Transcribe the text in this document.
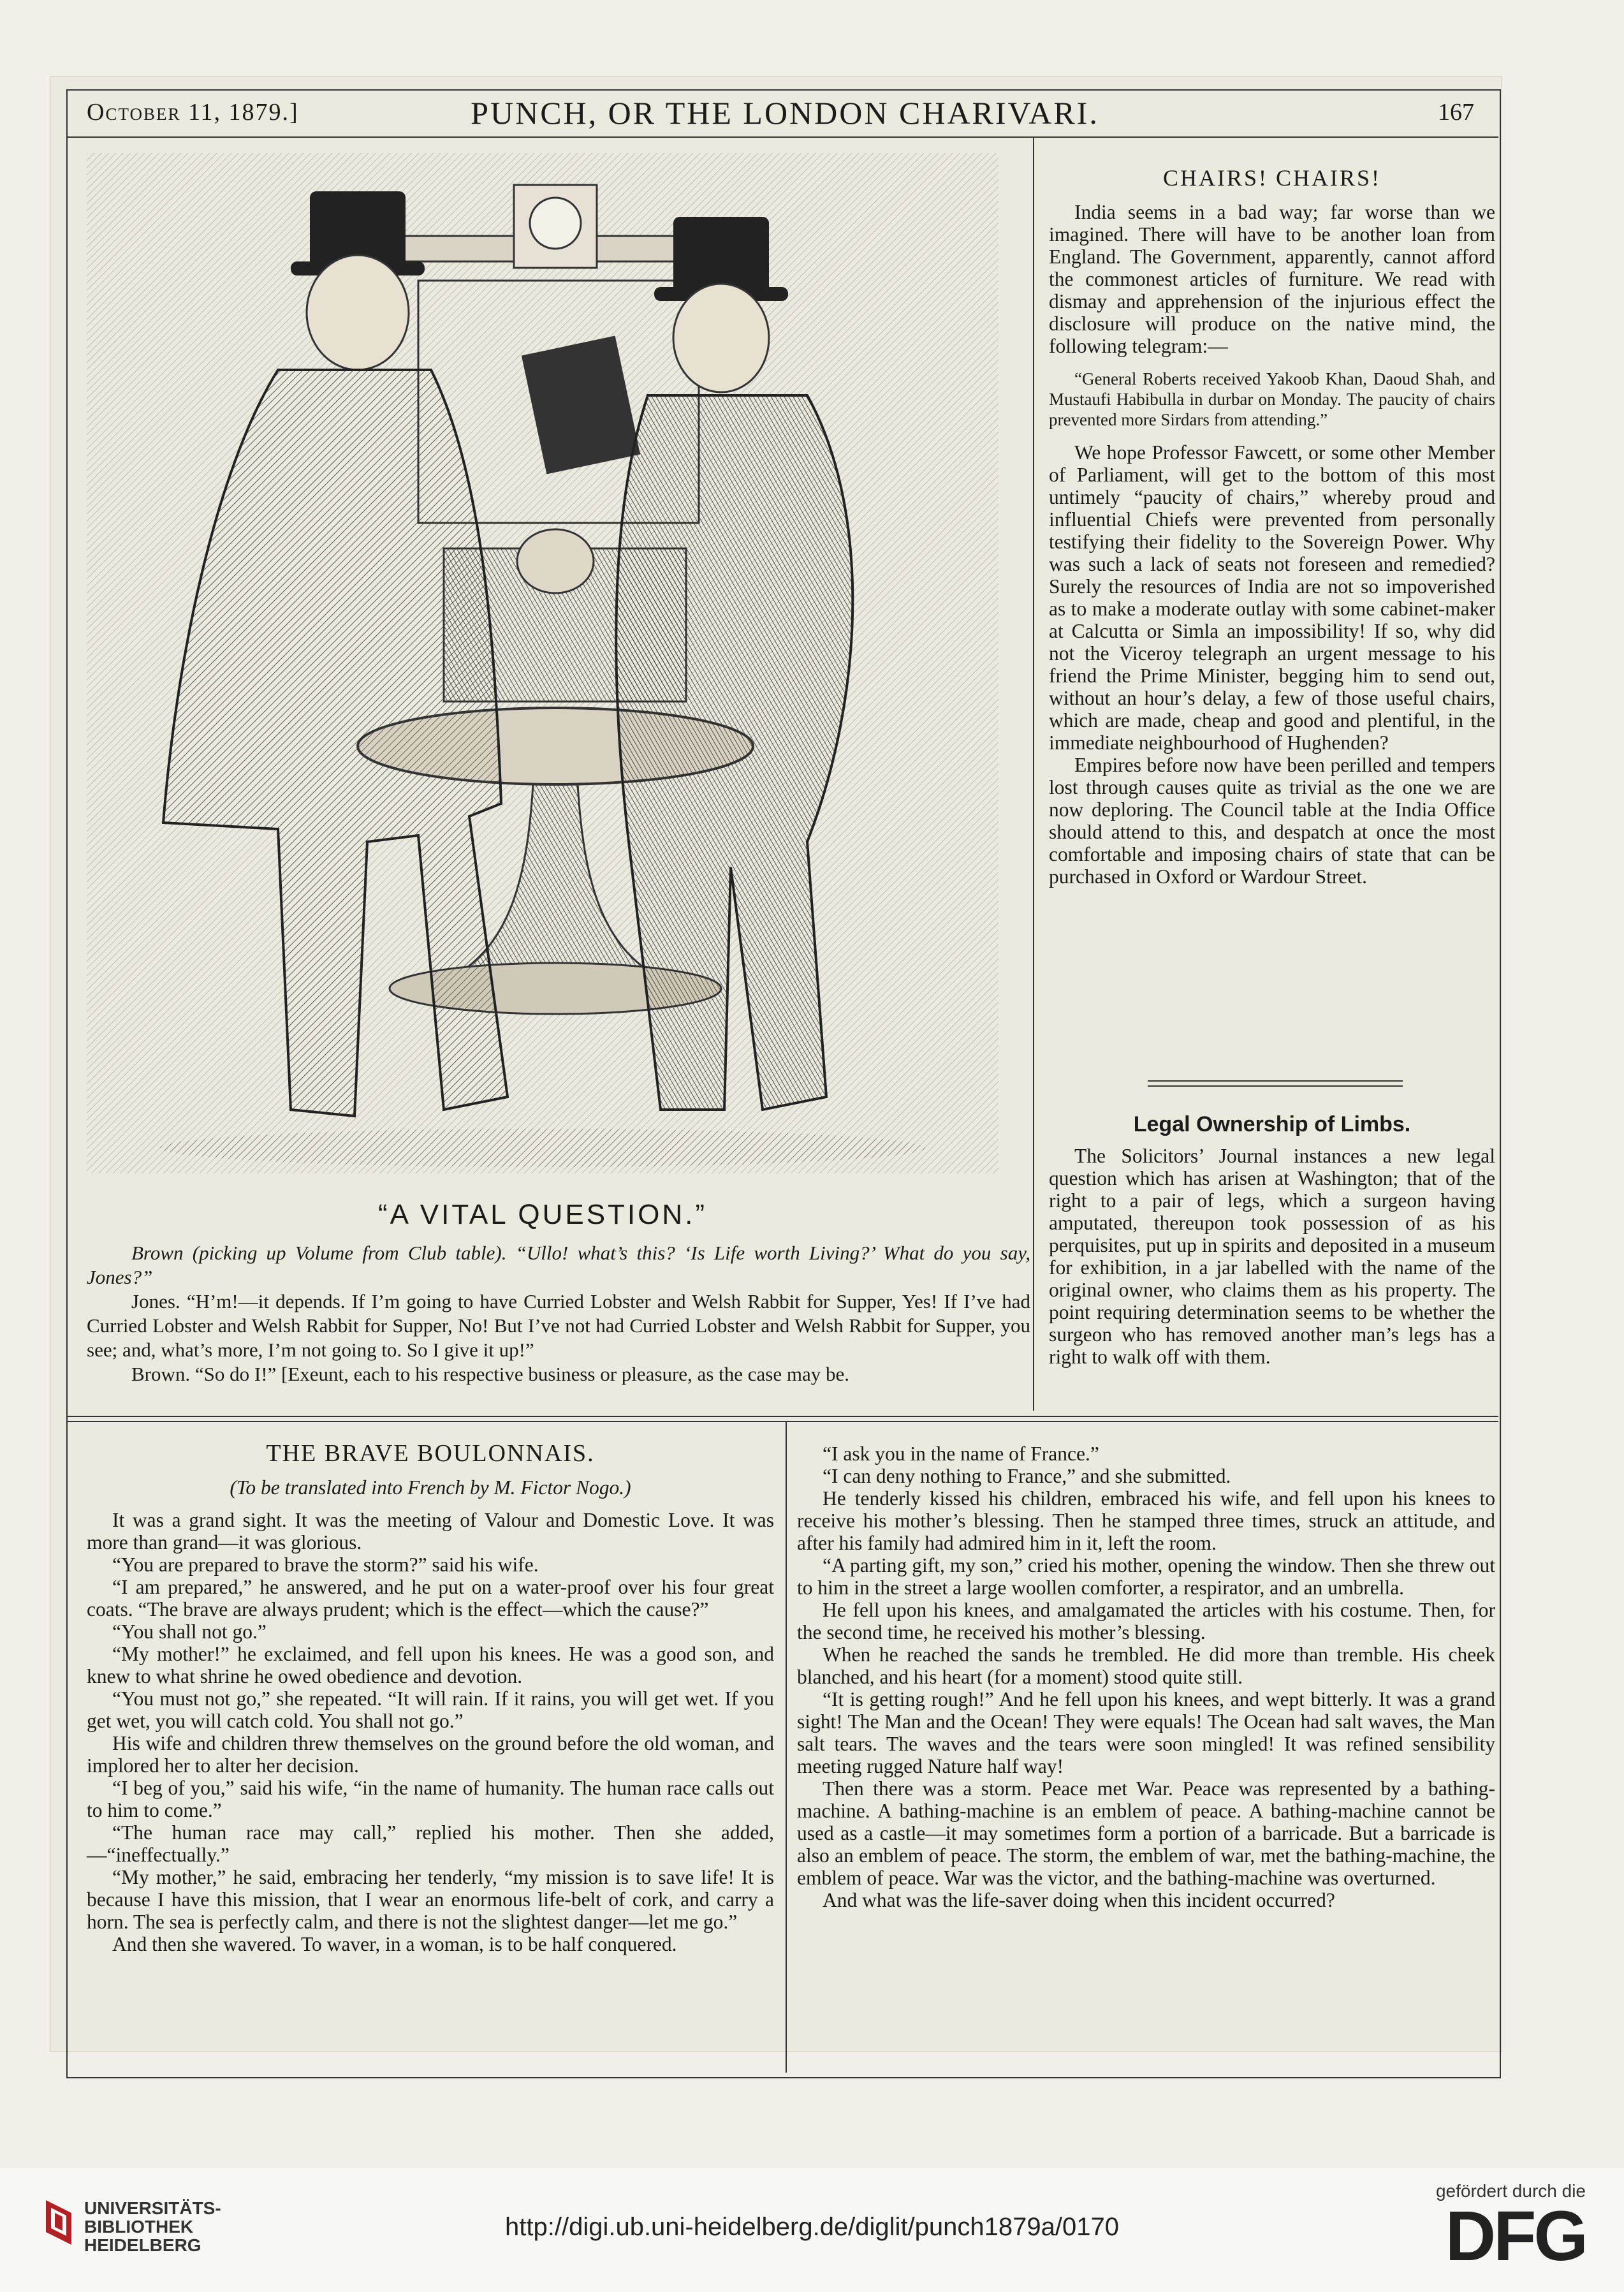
October 11, 1879.]	PUNCH, OR THE LONDON CHARIVARI.	167
“A VITAL QUESTION.”

Brown (picking up Volume from Club table). “Ullo! what’s this? ‘Is Life worth Living?’ What do you say, Jones?”

Jones. “H’m!—it depends. If I’m going to have Curried Lobster and Welsh Rabbit for Supper, Yes! If I’ve had Curried Lobster and Welsh Rabbit for Supper, No! But I’ve not had Curried Lobster and Welsh Rabbit for Supper, you see; and, what’s more, I’m not going to. So I give it up!”

Brown. “So do I!” [Exeunt, each to his respective business or pleasure, as the case may be.

CHAIRS! CHAIRS!

India seems in a bad way; far worse than we imagined. There will have to be another loan from England. The Government, apparently, cannot afford the commonest articles of furniture. We read with dismay and apprehension of the injurious effect the disclosure will produce on the native mind, the following telegram:—

“General Roberts received Yakoob Khan, Daoud Shah, and Mustaufi Habibulla in durbar on Monday. The paucity of chairs prevented more Sirdars from attending.”

We hope Professor Fawcett, or some other Member of Parliament, will get to the bottom of this most untimely “paucity of chairs,” whereby proud and influential Chiefs were prevented from personally testifying their fidelity to the Sovereign Power. Why was such a lack of seats not foreseen and remedied? Surely the resources of India are not so impoverished as to make a moderate outlay with some cabinet-maker at Calcutta or Simla an impossibility! If so, why did not the Viceroy telegraph an urgent message to his friend the Prime Minister, begging him to send out, without an hour’s delay, a few of those useful chairs, which are made, cheap and good and plentiful, in the immediate neighbourhood of Hughenden?

Empires before now have been perilled and tempers lost through causes quite as trivial as the one we are now deploring. The Council table at the India Office should attend to this, and despatch at once the most comfortable and imposing chairs of state that can be purchased in Oxford or Wardour Street.

Legal Ownership of Limbs.

The Solicitors’ Journal instances a new legal question which has arisen at Washington; that of the right to a pair of legs, which a surgeon having amputated, thereupon took possession of as his perquisites, put up in spirits and deposited in a museum for exhibition, in a jar labelled with the name of the original owner, who claims them as his property. The point requiring determination seems to be whether the surgeon who has removed another man’s legs has a right to walk off with them.

THE BRAVE BOULONNAIS.
(To be translated into French by M. Fictor Nogo.)

It was a grand sight. It was the meeting of Valour and Domestic Love. It was more than grand—it was glorious.

“You are prepared to brave the storm?” said his wife.

“I am prepared,” he answered, and he put on a water-proof over his four great coats. “The brave are always prudent; which is the effect—which the cause?”

“You shall not go.”

“My mother!” he exclaimed, and fell upon his knees. He was a good son, and knew to what shrine he owed obedience and devotion.

“You must not go,” she repeated. “It will rain. If it rains, you will get wet. If you get wet, you will catch cold. You shall not go.”

His wife and children threw themselves on the ground before the old woman, and implored her to alter her decision.

“I beg of you,” said his wife, “in the name of humanity. The human race calls out to him to come.”

“The human race may call,” replied his mother. Then she added, —“ineffectually.”

“My mother,” he said, embracing her tenderly, “my mission is to save life! It is because I have this mission, that I wear an enormous life-belt of cork, and carry a horn. The sea is perfectly calm, and there is not the slightest danger—let me go.”

And then she wavered. To waver, in a woman, is to be half conquered.

“I ask you in the name of France.”

“I can deny nothing to France,” and she submitted.

He tenderly kissed his children, embraced his wife, and fell upon his knees to receive his mother’s blessing. Then he stamped three times, struck an attitude, and after his family had admired him in it, left the room.

“A parting gift, my son,” cried his mother, opening the window. Then she threw out to him in the street a large woollen comforter, a respirator, and an umbrella.

He fell upon his knees, and amalgamated the articles with his costume. Then, for the second time, he received his mother’s blessing.

When he reached the sands he trembled. He did more than tremble. His cheek blanched, and his heart (for a moment) stood quite still.

“It is getting rough!” And he fell upon his knees, and wept bitterly. It was a grand sight! The Man and the Ocean! They were equals! The Ocean had salt waves, the Man salt tears. The waves and the tears were soon mingled! It was refined sensibility meeting rugged Nature half way!

Then there was a storm. Peace met War. Peace was represented by a bathing-machine. A bathing-machine is an emblem of peace. A bathing-machine cannot be used as a castle—it may sometimes form a portion of a barricade. But a barricade is also an emblem of peace. The storm, the emblem of war, met the bathing-machine, the emblem of peace. War was the victor, and the bathing-machine was overturned.

And what was the life-saver doing when this incident occurred?

UNIVERSITÄTS-
BIBLIOTHEK
HEIDELBERG
http://digi.ub.uni-heidelberg.de/diglit/punch1879a/0170
gefördert durch die
DFG
